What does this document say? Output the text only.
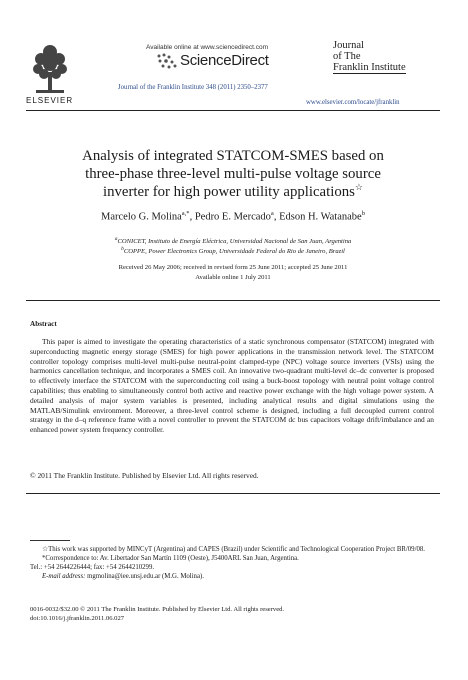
ELSEVIER
Available online at www.sciencedirect.com
ScienceDirect
Journal of the Franklin Institute 348 (2011) 2350–2377
Journal
of The
Franklin Institute
www.elsevier.com/locate/jfranklin
Analysis of integrated STATCOM-SMES based on
three-phase three-level multi-pulse voltage source
inverter for high power utility applications☆
Marcelo G. Molina$^{a,*}$, Pedro E. Mercado$^a$, Edson H. Watanabe$^b$
$^a$CONICET, Instituto de Energía Eléctrica, Universidad Nacional de San Juan, Argentina
$^b$COPPE, Power Electronics Group, Universidade Federal do Rio de Janeiro, Brazil
Received 26 May 2006; received in revised form 25 June 2011; accepted 25 June 2011
Available online 1 July 2011
Abstract

This paper is aimed to investigate the operating characteristics of a static synchronous compensator (STATCOM) integrated with superconducting magnetic energy storage (SMES) for high power applications in the transmission network level. The STATCOM controller topology comprises multi-level multi-pulse neutral-point clamped-type (NPC) voltage source inverters (VSIs) using the harmonics cancellation technique, and incorporates a SMES coil. An innovative two-quadrant multi-level dc–dc converter is proposed to effectively interface the STATCOM with the superconducting coil using a buck-boost topology with neutral point voltage control capabilities; thus enabling to simultaneously control both active and reactive power exchange with the high voltage power system. A detailed analysis of major system variables is presented, including analytical results and digital simulations using the MATLAB/Simulink environment. Moreover, a three-level control scheme is designed, including a full decoupled current control strategy in the d–q reference frame with a novel controller to prevent the STATCOM dc bus capacitors voltage drift/imbalance and an enhanced power system frequency controller.

© 2011 The Franklin Institute. Published by Elsevier Ltd. All rights reserved.

☆This work was supported by MINCyT (Argentina) and CAPES (Brazil) under Scientific and Technological Cooperation Project BR/09/08.

*Correspondence to: Av. Libertador San Martín 1109 (Oeste), J5400ARL San Juan, Argentina.

Tel.: +54 2644226444; fax: +54 2644210299.

E-mail address: mgmolina@iee.unsj.edu.ar (M.G. Molina).

0016-0032/$32.00 © 2011 The Franklin Institute. Published by Elsevier Ltd. All rights reserved.
doi:10.1016/j.jfranklin.2011.06.027
